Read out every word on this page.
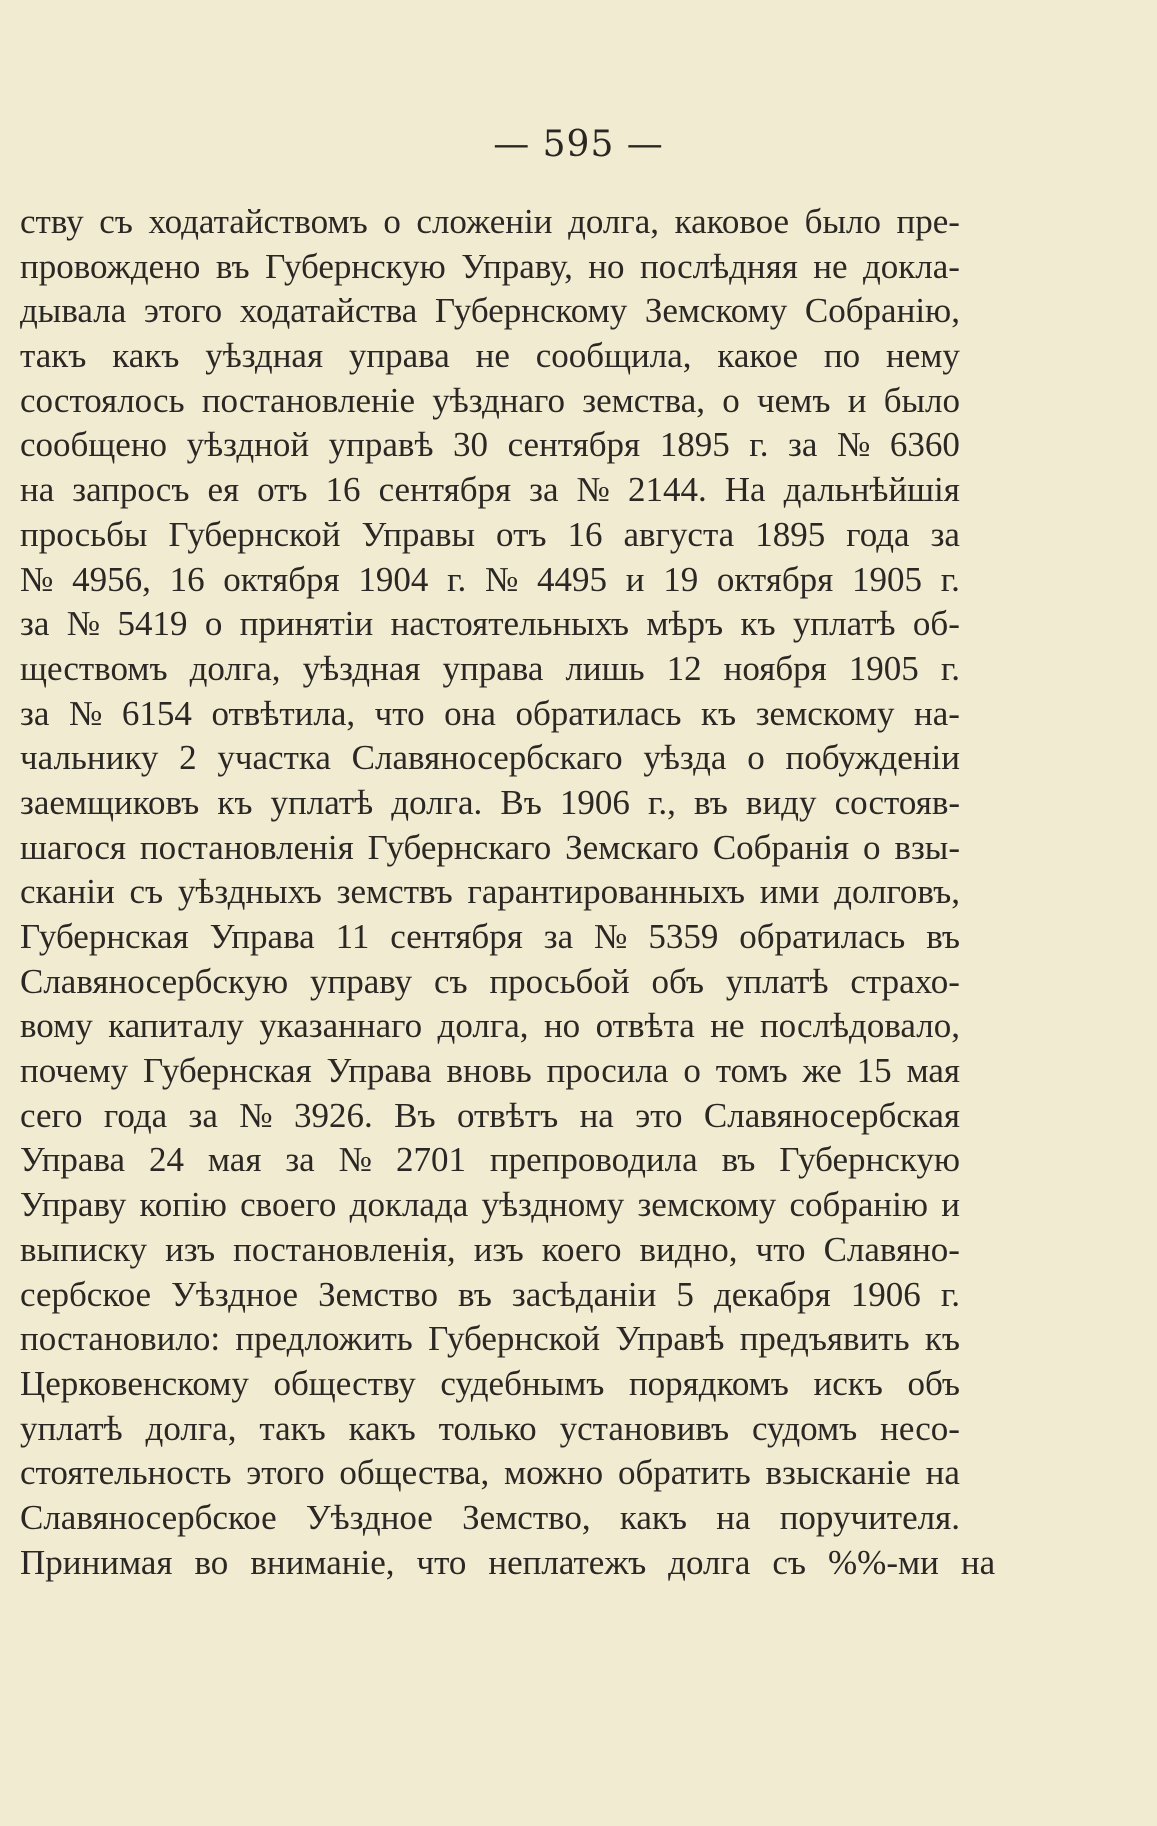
— 595 —
ству съ ходатайствомъ о сложенiи долга, каковое было пре-
провождено въ Губернскую Управу, но послѣдняя не докла-
дывала этого ходатайства Губернскому Земскому Собранiю,
такъ какъ уѣздная управа не сообщила, какое по нему
состоялось постановленiе уѣзднаго земства, о чемъ и было
сообщено уѣздной управѣ 30 сентября 1895 г. за № 6360
на запросъ ея отъ 16 сентября за № 2144. На дальнѣйшiя
просьбы Губернской Управы отъ 16 августа 1895 года за
№ 4956, 16 октября 1904 г. № 4495 и 19 октября 1905 г.
за № 5419 о принятiи настоятельныхъ мѣръ къ уплатѣ об-
ществомъ долга, уѣздная управа лишь 12 ноября 1905 г.
за № 6154 отвѣтила, что она обратилась къ земскому на-
чальнику 2 участка Славяносербскаго уѣзда о побужденiи
заемщиковъ къ уплатѣ долга. Въ 1906 г., въ виду состояв-
шагося постановленiя Губернскаго Земскаго Собранiя о взы-
сканiи съ уѣздныхъ земствъ гарантированныхъ ими долговъ,
Губернская Управа 11 сентября за № 5359 обратилась въ
Славяносербскую управу съ просьбой объ уплатѣ страхо-
вому капиталу указаннаго долга, но отвѣта не послѣдовало,
почему Губернская Управа вновь просила о томъ же 15 мая
сего года за № 3926. Въ отвѣтъ на это Славяносербская
Управа 24 мая за № 2701 препроводила въ Губернскую
Управу копiю своего доклада уѣздному земскому собранiю и
выписку изъ постановленiя, изъ коего видно, что Славяно-
сербское Уѣздное Земство въ засѣданiи 5 декабря 1906 г.
постановило: предложить Губернской Управѣ предъявить къ
Церковенскому обществу судебнымъ порядкомъ искъ объ
уплатѣ долга, такъ какъ только установивъ судомъ несо-
стоятельность этого общества, можно обратить взысканiе на
Славяносербское Уѣздное Земство, какъ на поручителя.
Принимая во вниманiе, что неплатежъ долга съ %%-ми на
